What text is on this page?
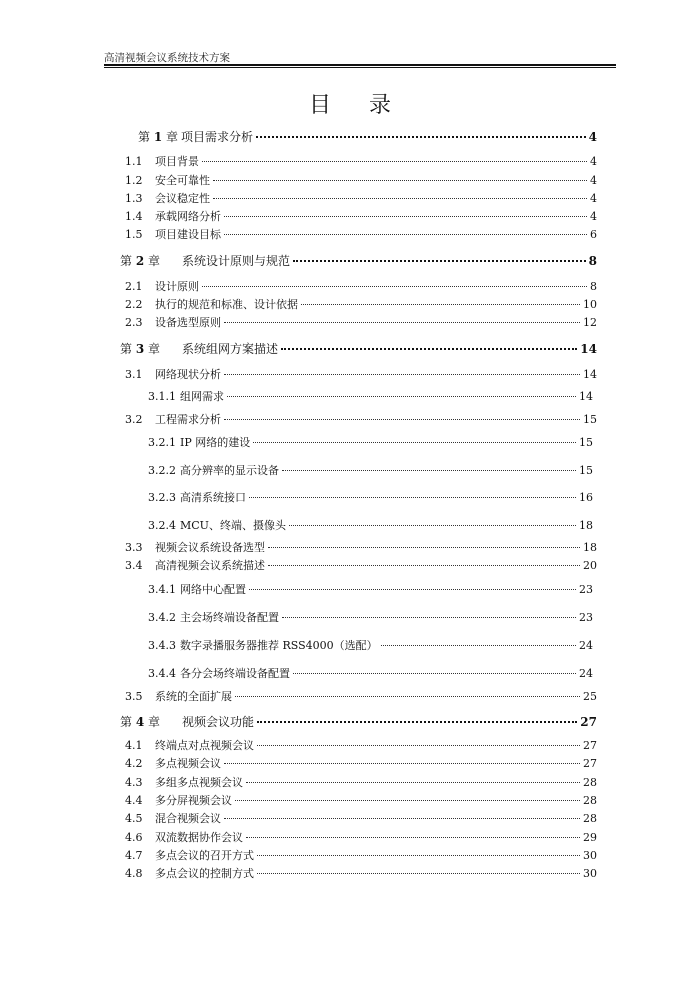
高清视频会议系统技术方案
目录
第 1 章 项目需求分析	4
1.1	项目背景	4
1.2	安全可靠性	4
1.3	会议稳定性	4
1.4	承载网络分析	4
1.5	项目建设目标	6
第 2 章	系统设计原则与规范	8
2.1	设计原则	8
2.2	执行的规范和标准、设计依据	10
2.3	设备选型原则	12
第 3 章	系统组网方案描述	14
3.1	网络现状分析	14
3.1.1 组网需求	14
3.2	工程需求分析	15
3.2.1 IP 网络的建设	15
3.2.2 高分辨率的显示设备	15
3.2.3 高清系统接口	16
3.2.4 MCU、终端、摄像头	18
3.3	视频会议系统设备选型	18
3.4	高清视频会议系统描述	20
3.4.1 网络中心配置	23
3.4.2 主会场终端设备配置	23
3.4.3 数字录播服务器推荐 RSS4000（选配）	24
3.4.4 各分会场终端设备配置	24
3.5	系统的全面扩展	25
第 4 章	视频会议功能	27
4.1	终端点对点视频会议	27
4.2	多点视频会议	27
4.3	多组多点视频会议	28
4.4	多分屏视频会议	28
4.5	混合视频会议	28
4.6	双流数据协作会议	29
4.7	多点会议的召开方式	30
4.8	多点会议的控制方式	30
